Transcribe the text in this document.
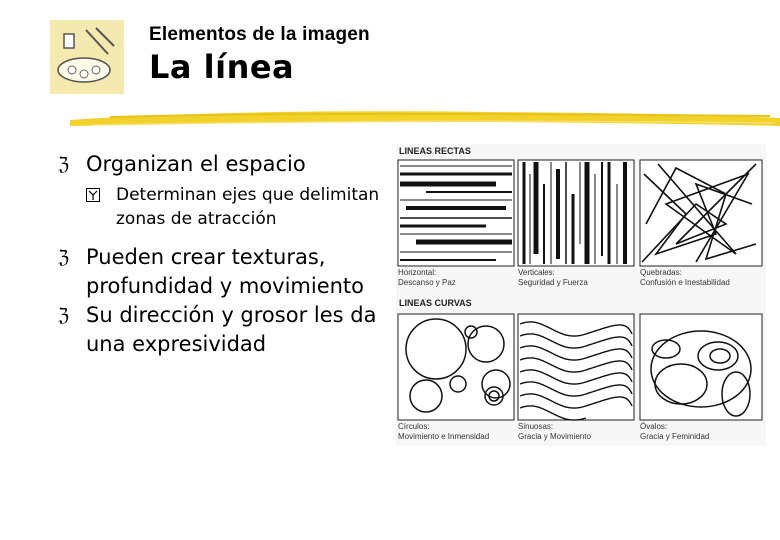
Elementos de la imagen
La línea

ℨ Organizan el espacio

Determinan ejes que delimitan zonas de atracción

ℨ Pueden crear texturas, profundidad y movimiento

ℨ Su dirección y grosor les da una expresividad

LINEAS RECTAS
Horizontal:
Descanso y Paz
Verticales:
Seguridad y Fuerza
Quebradas:
Confusión e Inestabilidad
LINEAS CURVAS
Círculos:
Movimiento e Inmensidad
Sinuosas:
Gracia y Movimiento
Óvalos:
Gracia y Feminidad
